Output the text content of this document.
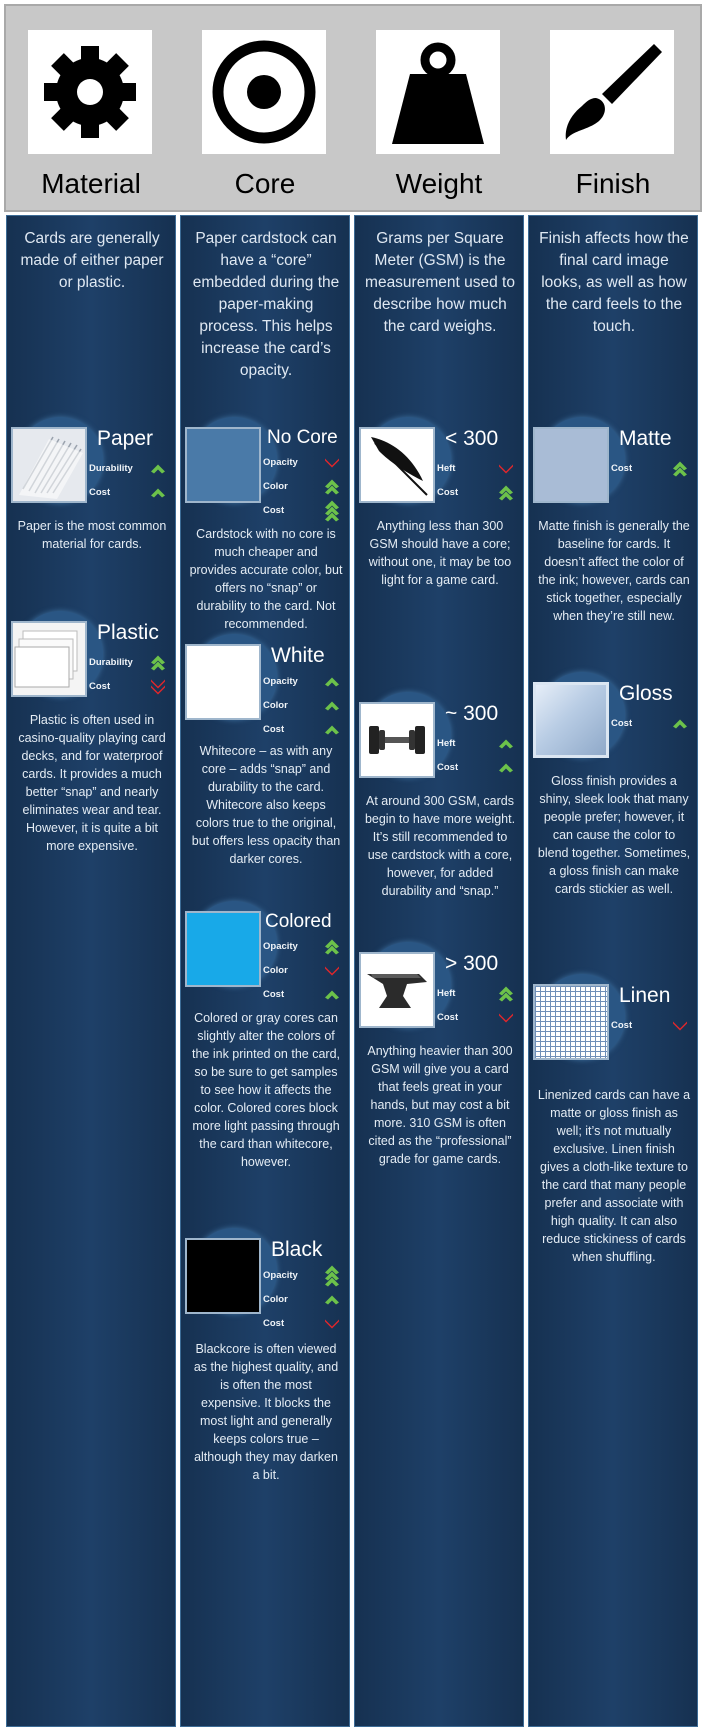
Material
Cards are generally made of either paper or plastic.
Paper
Durability
Cost
Paper is the most common material for cards.
Plastic
Durability
Cost
Plastic is often used in casino-quality playing card decks, and for waterproof cards. It provides a much better “snap” and nearly eliminates wear and tear. However, it is quite a bit more expensive.
Core
Paper cardstock can have a “core” embedded during the paper-making process. This helps increase the card’s opacity.
No Core
Opacity
Color
Cost
Cardstock with no core is much cheaper and provides accurate color, but offers no “snap” or durability to the card. Not recommended.
White
Opacity
Color
Cost
Whitecore – as with any core – adds “snap” and durability to the card. Whitecore also keeps colors true to the original, but offers less opacity than darker cores.
Colored
Opacity
Color
Cost
Colored or gray cores can slightly alter the colors of the ink printed on the card, so be sure to get samples to see how it affects the color. Colored cores block more light passing through the card than whitecore, however.
Black
Opacity
Color
Cost
Blackcore is often viewed as the highest quality, and is often the most expensive. It blocks the most light and generally keeps colors true – although they may darken a bit.
Weight
Grams per Square Meter (GSM) is the measurement used to describe how much the card weighs.
< 300
Heft
Cost
Anything less than 300 GSM should have a core; without one, it may be too light for a game card.
~ 300
Heft
Cost
At around 300 GSM, cards begin to have more weight. It’s still recommended to use cardstock with a core, however, for added durability and “snap.”
> 300
Heft
Cost
Anything heavier than 300 GSM will give you a card that feels great in your hands, but may cost a bit more. 310 GSM is often cited as the “professional” grade for game cards.
Finish
Finish affects how the final card image looks, as well as how the card feels to the touch.
Matte
Cost
Matte finish is generally the baseline for cards. It doesn’t affect the color of the ink; however, cards can stick together, especially when they’re still new.
Gloss
Cost
Gloss finish provides a shiny, sleek look that many people prefer; however, it can cause the color to blend together. Sometimes, a gloss finish can make cards stickier as well.
Linen
Cost
Linenized cards can have a matte or gloss finish as well; it’s not mutually exclusive. Linen finish gives a cloth-like texture to the card that many people prefer and associate with high quality. It can also reduce stickiness of cards when shuffling.
